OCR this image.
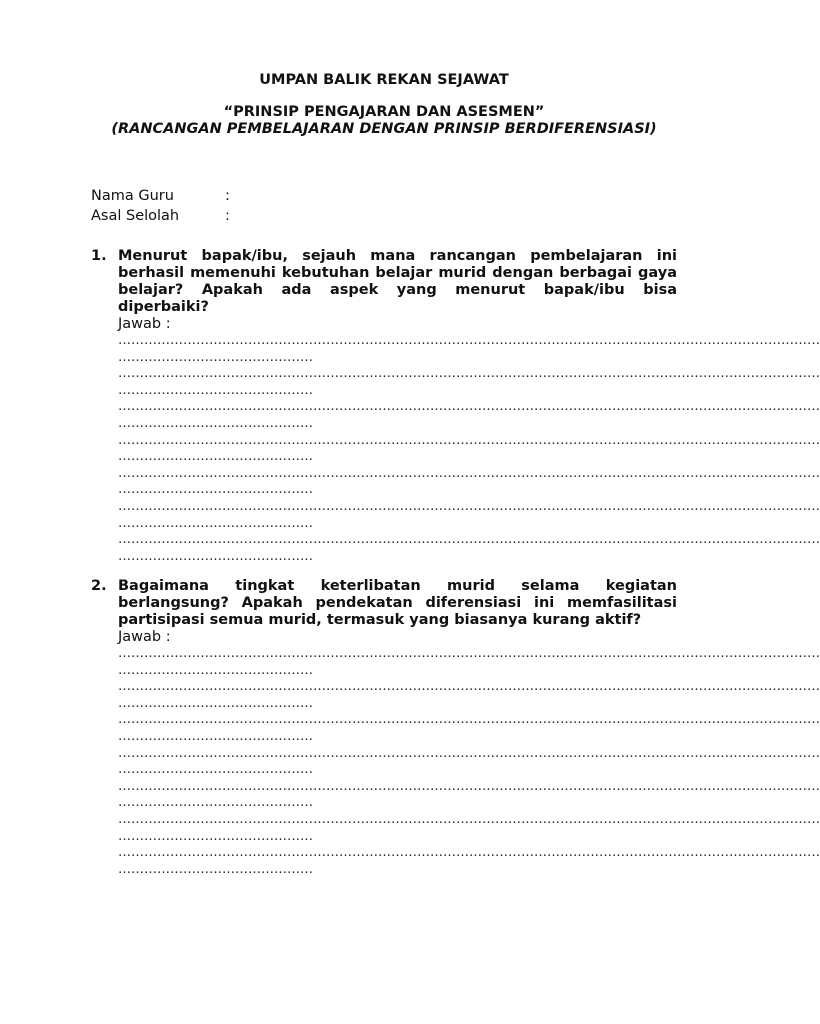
UMPAN BALIK REKAN SEJAWAT
“PRINSIP PENGAJARAN DAN ASESMEN”
(RANCANGAN PEMBELAJARAN DENGAN PRINSIP BERDIFERENSIASI)
Nama Guru	:
Asal Selolah	:
1. Menurut bapak/ibu, sejauh mana rancangan pembelajaran ini berhasil memenuhi kebutuhan belajar murid dengan berbagai gaya belajar? Apakah ada aspek yang menurut bapak/ibu bisa diperbaiki?
Jawab :
………………………………………………………………………………………………………………………………………………
………………………………………
………………………………………………………………………………………………………………………………………………
………………………………………
………………………………………………………………………………………………………………………………………………
………………………………………
………………………………………………………………………………………………………………………………………………
………………………………………
………………………………………………………………………………………………………………………………………………
………………………………………
………………………………………………………………………………………………………………………………………………
………………………………………
………………………………………………………………………………………………………………………………………………
………………………………………
2. Bagaimana tingkat keterlibatan murid selama kegiatan berlangsung? Apakah pendekatan diferensiasi ini memfasilitasi partisipasi semua murid, termasuk yang biasanya kurang aktif?
Jawab :
………………………………………………………………………………………………………………………………………………
………………………………………
………………………………………………………………………………………………………………………………………………
………………………………………
………………………………………………………………………………………………………………………………………………
………………………………………
………………………………………………………………………………………………………………………………………………
………………………………………
………………………………………………………………………………………………………………………………………………
………………………………………
………………………………………………………………………………………………………………………………………………
………………………………………
………………………………………………………………………………………………………………………………………………
………………………………………
